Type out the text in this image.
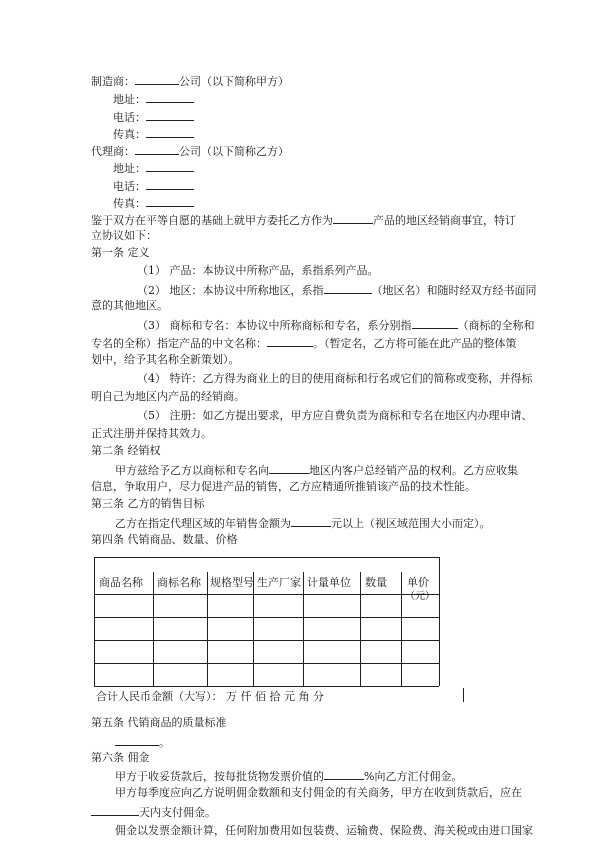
制造商：	公司（以下简称甲方）
地址：
电话：
传真：
代理商：	公司（以下简称乙方）
地址：
电话：
传真：
鉴于双方在平等自愿的基础上就甲方委托乙方作为	产品的地区经销商事宜，特订
立协议如下：
第一条 定义
（1） 产品：本协议中所称产品，系指系列产品。
（2） 地区：本协议中所称地区，系指	（地区名）和随时经双方经书面同
意的其他地区。
（3） 商标和专名：本协议中所称商标和专名，系分别指	（商标的全称和
专名的全称）指定产品的中文名称：	。（暂定名，乙方将可能在此产品的整体策
划中，给予其名称全新策划）。
（4） 特许：乙方得为商业上的目的使用商标和行名或它们的简称或变称，并得标
明自己为地区内产品的经销商。
（5） 注册：如乙方提出要求，甲方应自费负责为商标和专名在地区内办理申请、
正式注册并保持其效力。
第二条 经销权
甲方兹给予乙方以商标和专名向	地区内客户总经销产品的权利。乙方应收集
信息，争取用户，尽力促进产品的销售，乙方应精通所推销该产品的技术性能。
第三条 乙方的销售目标
乙方在指定代理区域的年销售金额为	元以上（视区域范围大小而定）。
第四条 代销商品、数量、价格
商品名称 商标名称 规格型号 生产厂家 计量单位 数量 单价
（元）
合计人民币金额（大写）： 万 仟 佰 拾 元 角 分
第五条 代销商品的质量标准
。
第六条 佣金
甲方于收妥货款后，按每批货物发票价值的	%向乙方汇付佣金。
甲方每季度应向乙方说明佣金数额和支付佣金的有关商务，甲方在收到货款后，应在
天内支付佣金。
佣金以发票金额计算，任何附加费用如包装费、运输费、保险费、海关税或由进口国家
